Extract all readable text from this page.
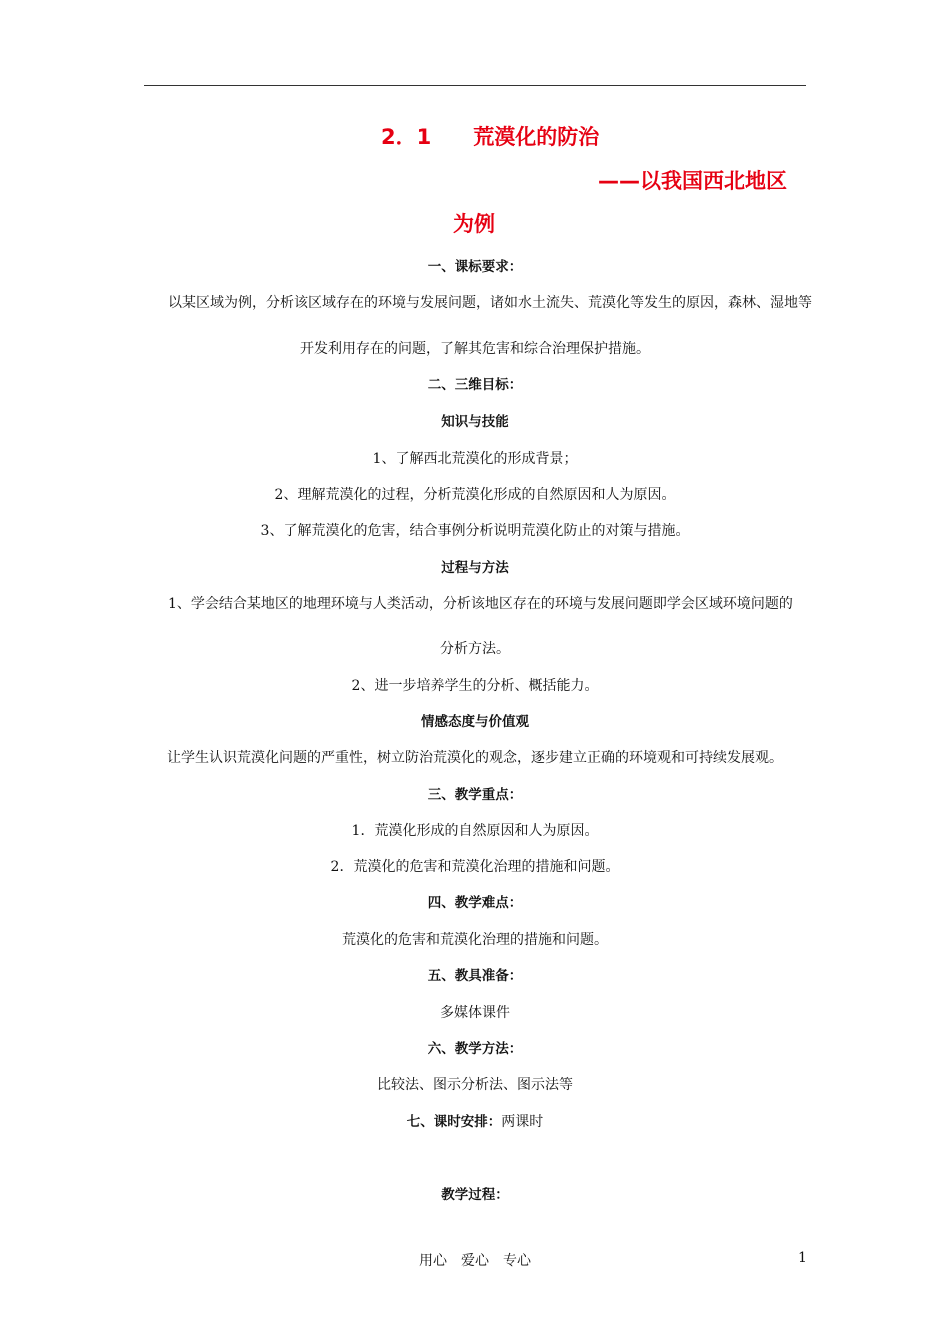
2．1　　荒漠化的防治
——以我国西北地区
为例
一、课标要求：
以某区域为例，分析该区域存在的环境与发展问题，诸如水土流失、荒漠化等发生的原因，森林、湿地等
开发利用存在的问题，了解其危害和综合治理保护措施。
二、三维目标：
知识与技能
1、了解西北荒漠化的形成背景；
2、理解荒漠化的过程，分析荒漠化形成的自然原因和人为原因。
3、了解荒漠化的危害，结合事例分析说明荒漠化防止的对策与措施。
过程与方法
1、学会结合某地区的地理环境与人类活动，分析该地区存在的环境与发展问题即学会区域环境问题的
分析方法。
2、进一步培养学生的分析、概括能力。
情感态度与价值观
让学生认识荒漠化问题的严重性，树立防治荒漠化的观念，逐步建立正确的环境观和可持续发展观。
三、教学重点：
1．荒漠化形成的自然原因和人为原因。
2．荒漠化的危害和荒漠化治理的措施和问题。
四、教学难点：
荒漠化的危害和荒漠化治理的措施和问题。
五、教具准备：
多媒体课件
六、教学方法：
比较法、图示分析法、图示法等
七、课时安排：两课时
教学过程：
用心　爱心　专心	1
